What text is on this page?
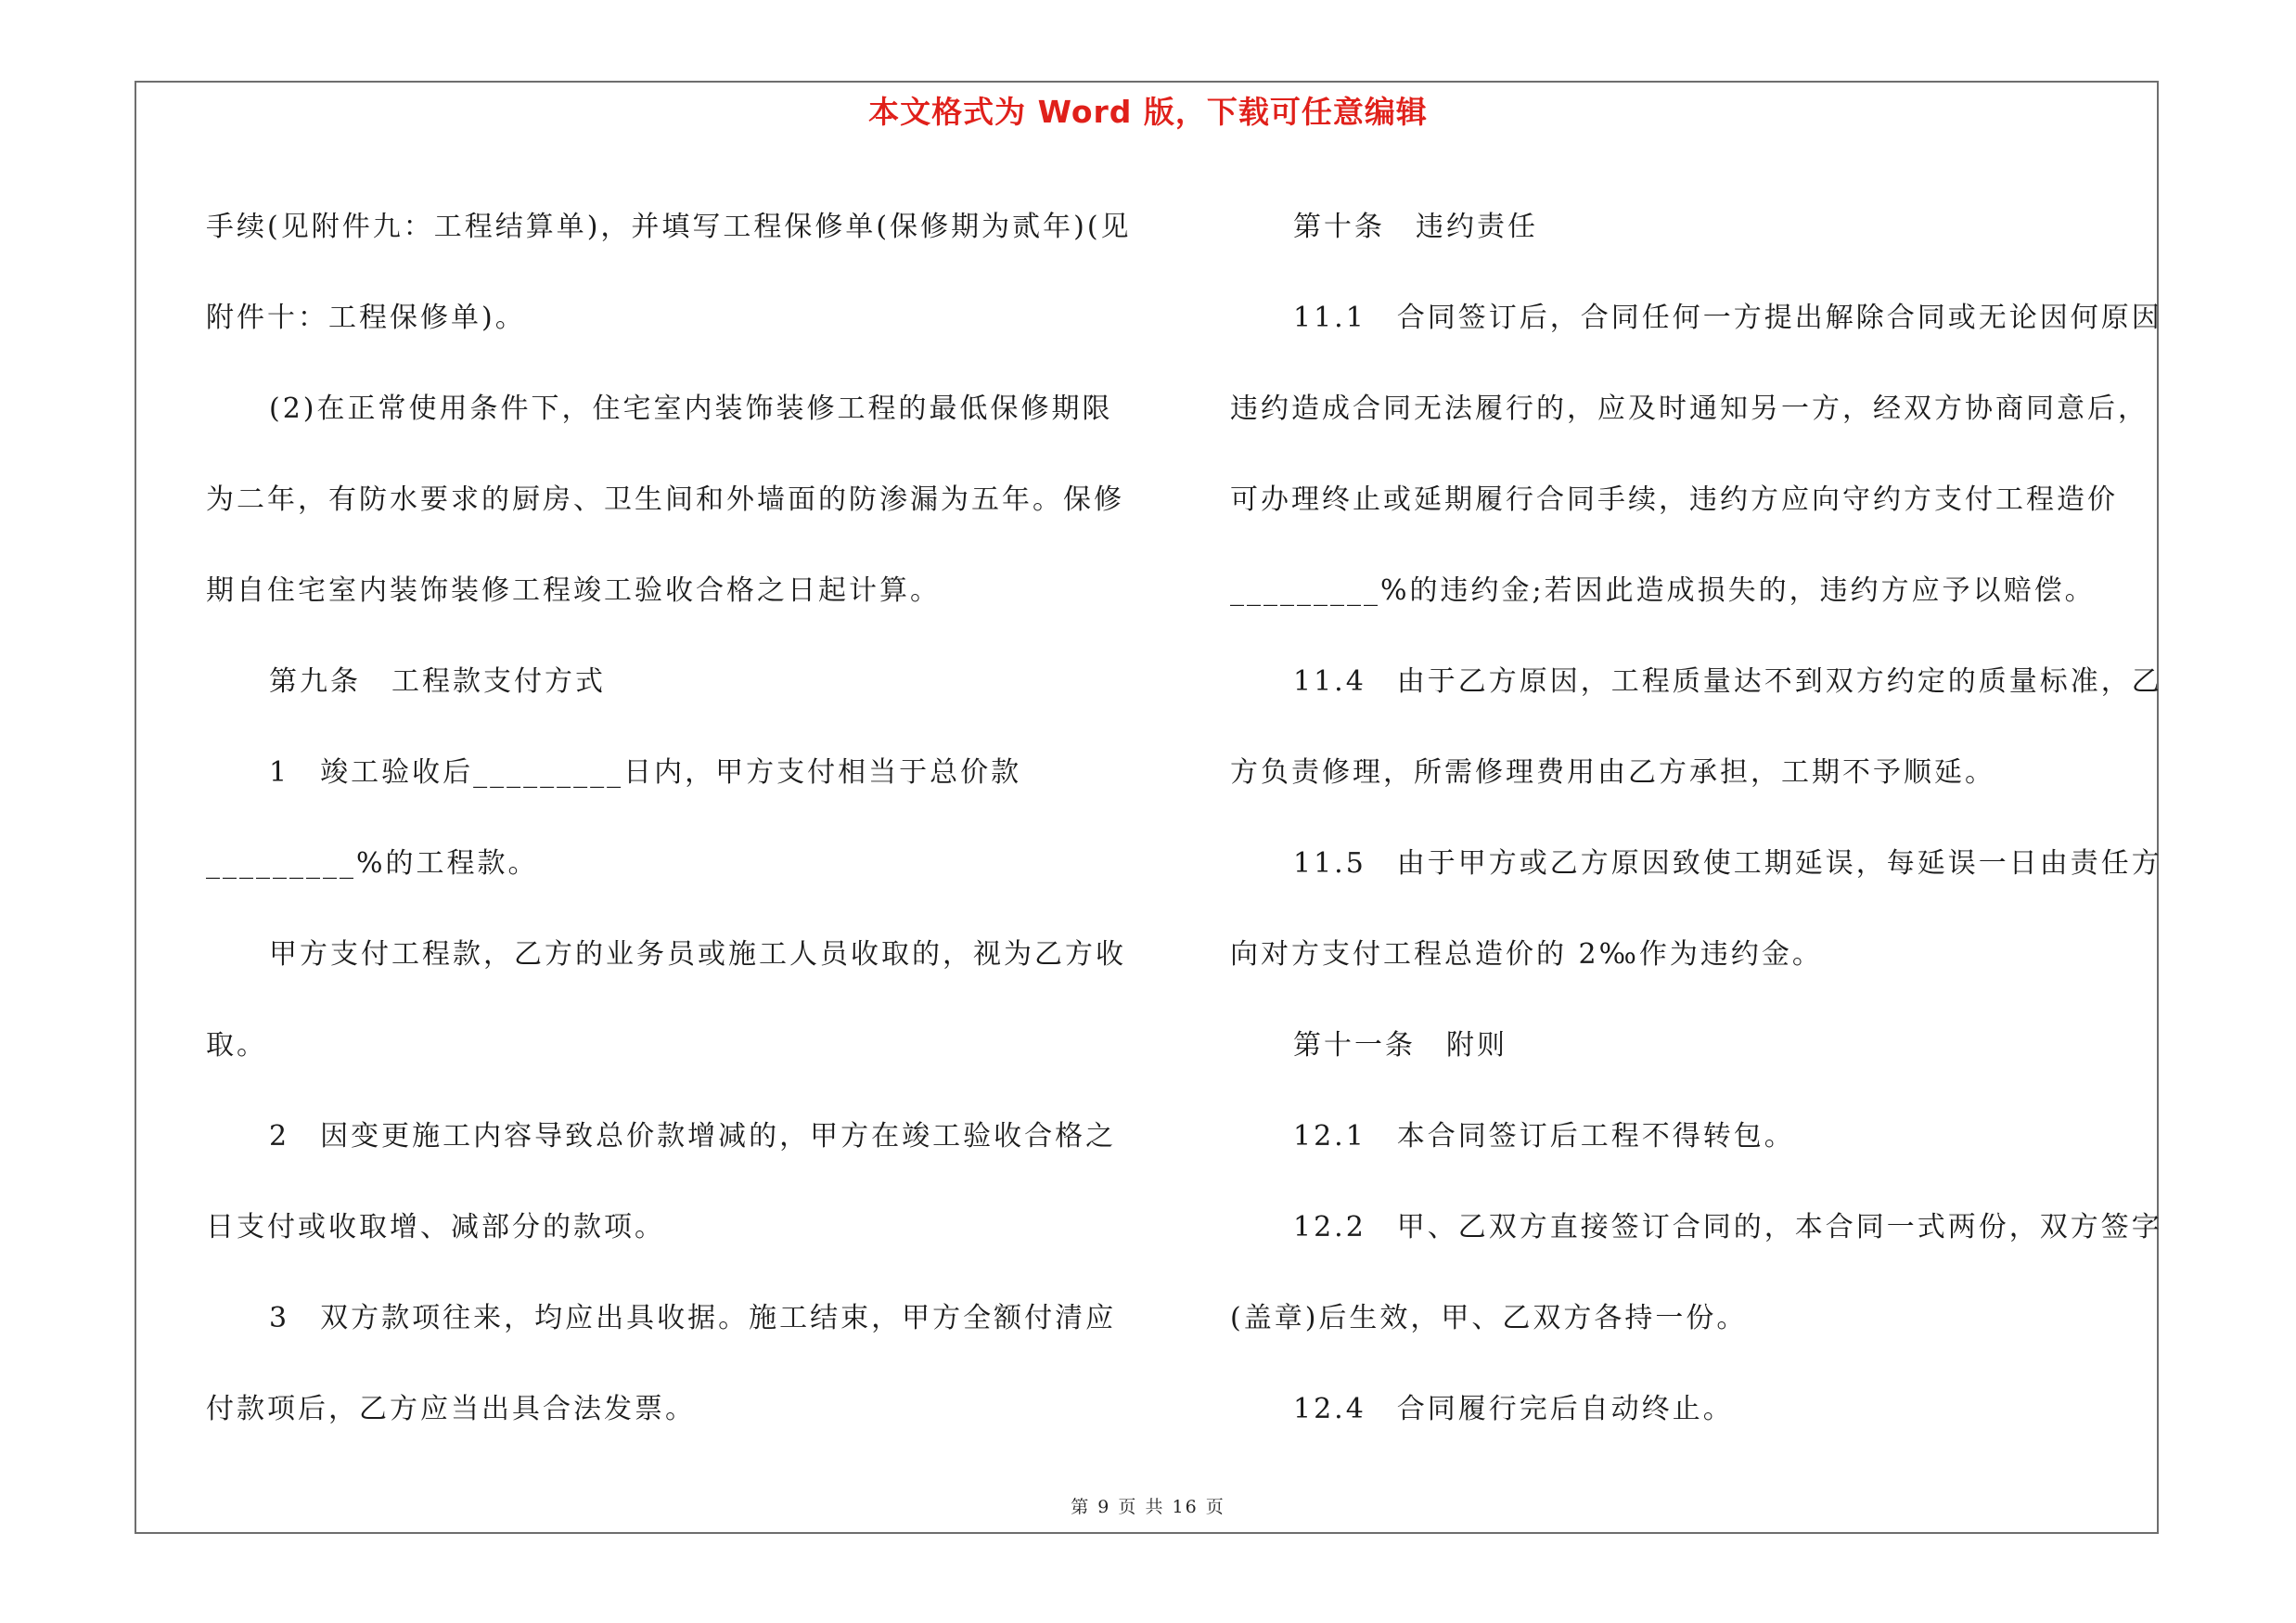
本文格式为 Word 版，下载可任意编辑

手续(见附件九：工程结算单)，并填写工程保修单(保修期为贰年)(见附件十：工程保修单)。

(2)在正常使用条件下，住宅室内装饰装修工程的最低保修期限为二年，有防水要求的厨房、卫生间和外墙面的防渗漏为五年。保修期自住宅室内装饰装修工程竣工验收合格之日起计算。

第九条　工程款支付方式

1　竣工验收后_________日内，甲方支付相当于总价款 _________%的工程款。

甲方支付工程款，乙方的业务员或施工人员收取的，视为乙方收取。

2　因变更施工内容导致总价款增减的，甲方在竣工验收合格之日支付或收取增、减部分的款项。

3　双方款项往来，均应出具收据。施工结束，甲方全额付清应付款项后，乙方应当出具合法发票。

第十条　违约责任

11.1　合同签订后，合同任何一方提出解除合同或无论因何原因违约造成合同无法履行的，应及时通知另一方，经双方协商同意后，可办理终止或延期履行合同手续，违约方应向守约方支付工程造价_________%的违约金;若因此造成损失的，违约方应予以赔偿。

11.4　由于乙方原因，工程质量达不到双方约定的质量标准，乙方负责修理，所需修理费用由乙方承担，工期不予顺延。

11.5　由于甲方或乙方原因致使工期延误，每延误一日由责任方向对方支付工程总造价的 2‰作为违约金。

第十一条　附则

12.1　本合同签订后工程不得转包。

12.2　甲、乙双方直接签订合同的，本合同一式两份，双方签字(盖章)后生效，甲、乙双方各持一份。

12.4　合同履行完后自动终止。

第 9 页 共 16 页
